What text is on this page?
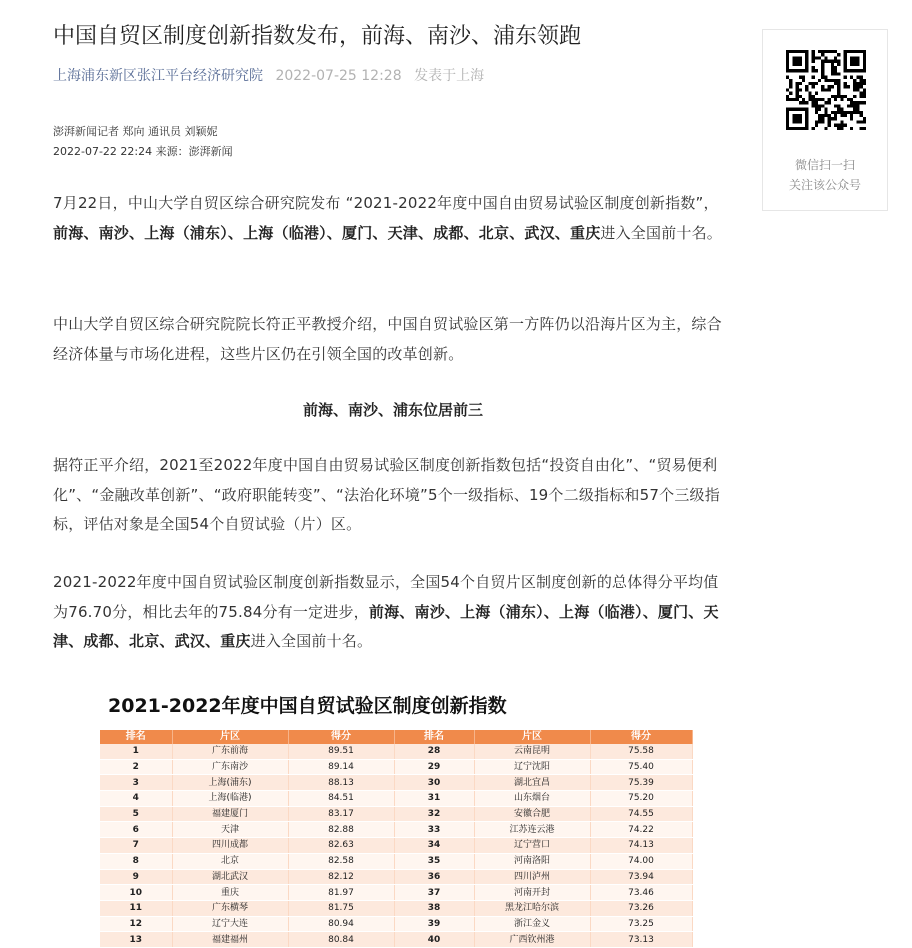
中国自贸区制度创新指数发布，前海、南沙、浦东领跑
上海浦东新区张江平台经济研究院 2022-07-25 12:28 发表于上海
澎湃新闻记者 郑向 通讯员 刘颖妮
2022-07-22 22:24 来源：澎湃新闻

7月22日，中山大学自贸区综合研究院发布 “2021-2022年度中国自由贸易试验区制度创新指数”，前海、南沙、上海（浦东）、上海（临港）、厦门、天津、成都、北京、武汉、重庆进入全国前十名。

中山大学自贸区综合研究院院长符正平教授介绍，中国自贸试验区第一方阵仍以沿海片区为主，综合经济体量与市场化进程，这些片区仍在引领全国的改革创新。

前海、南沙、浦东位居前三

据符正平介绍，2021至2022年度中国自由贸易试验区制度创新指数包括“投资自由化”、“贸易便利化”、“金融改革创新”、“政府职能转变”、“法治化环境”5个一级指标、19个二级指标和57个三级指标，评估对象是全国54个自贸试验（片）区。

2021-2022年度中国自贸试验区制度创新指数显示，全国54个自贸片区制度创新的总体得分平均值为76.70分，相比去年的75.84分有一定进步，前海、南沙、上海（浦东）、上海（临港）、厦门、天津、成都、北京、武汉、重庆进入全国前十名。

2021-2022年度中国自贸试验区制度创新指数
排名	片区	得分	排名	片区	得分
1	广东前海	89.51	28	云南昆明	75.58
2	广东南沙	89.14	29	辽宁沈阳	75.40
3	上海(浦东)	88.13	30	湖北宜昌	75.39
4	上海(临港)	84.51	31	山东烟台	75.20
5	福建厦门	83.17	32	安徽合肥	74.55
6	天津	82.88	33	江苏连云港	74.22
7	四川成都	82.63	34	辽宁营口	74.13
8	北京	82.58	35	河南洛阳	74.00
9	湖北武汉	82.12	36	四川泸州	73.94
10	重庆	81.97	37	河南开封	73.46
11	广东横琴	81.75	38	黑龙江哈尔滨	73.26
12	辽宁大连	80.94	39	浙江金义	73.25
13	福建福州	80.84	40	广西钦州港	73.13
微信扫一扫
关注该公众号
